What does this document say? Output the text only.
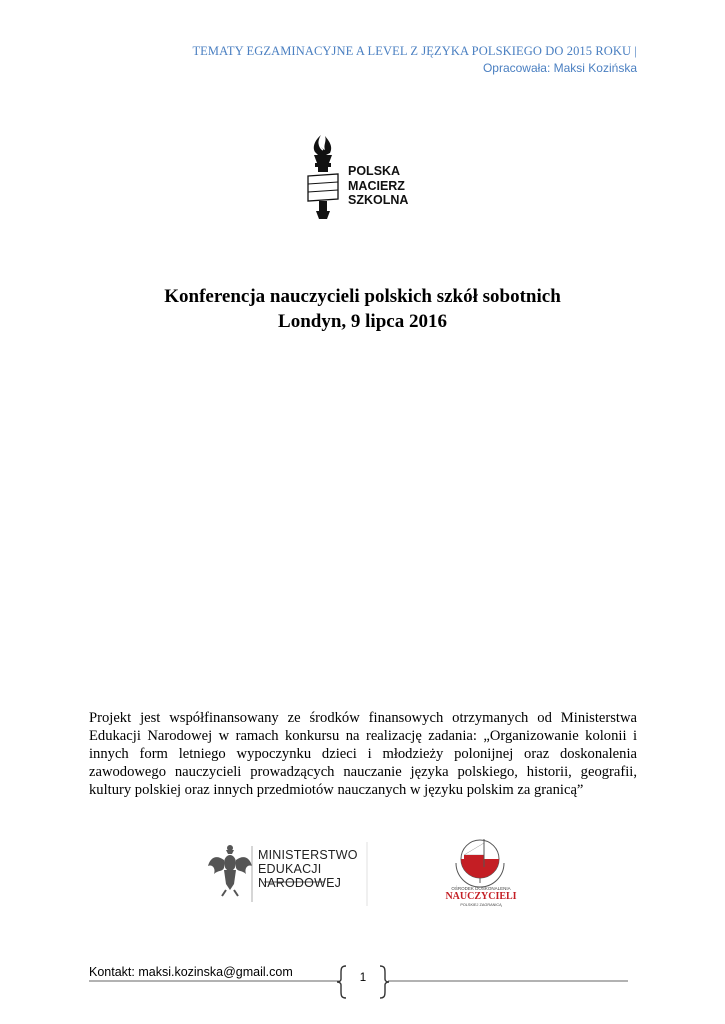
TEMATY EGZAMINACYJNE A LEVEL Z JĘZYKA POLSKIEGO DO 2015 ROKU |
Opracowała: Maksi Kozińska
POLSKA
MACIERZ
SZKOLNA
Konferencja nauczycieli polskich szkół sobotnich
Londyn, 9 lipca 2016
Projekt jest współfinansowany ze środków finansowych otrzymanych od Ministerstwa Edukacji Narodowej w ramach konkursu na realizację zadania: „Organizowanie kolonii i innych form letniego wypoczynku dzieci i młodzieży polonijnej oraz doskonalenia zawodowego nauczycieli prowadzących nauczanie języka polskiego, historii, geografii, kultury polskiej oraz innych przedmiotów nauczanych w języku polskim za granicą”
MINISTERSTWO
EDUKACJI
NARODOWEJ	OŚRODEK DOSKONALENIA
NAUCZYCIELI
POLSKIEJ ZAGRANICĄ
Kontakt: maksi.kozinska@gmail.com	1
